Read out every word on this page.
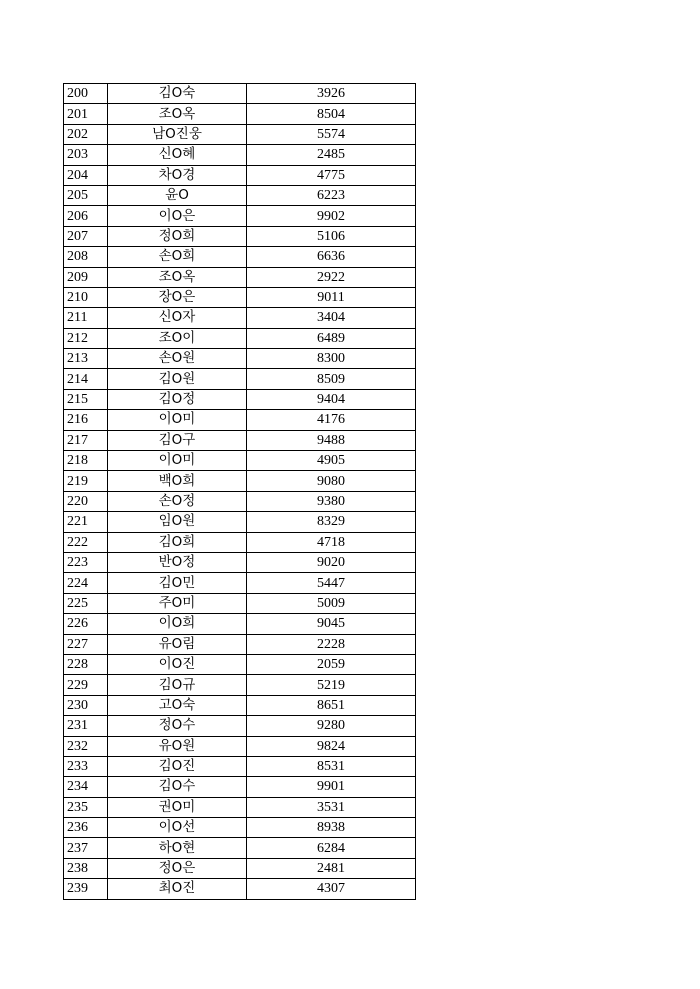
200	김O숙	3926
201	조O옥	8504
202	남O진웅	5574
203	신O혜	2485
204	차O경	4775
205	윤O	6223
206	이O은	9902
207	정O희	5106
208	손O희	6636
209	조O옥	2922
210	장O은	9011
211	신O자	3404
212	조O이	6489
213	손O원	8300
214	김O원	8509
215	김O정	9404
216	이O미	4176
217	김O구	9488
218	이O미	4905
219	백O희	9080
220	손O정	9380
221	임O원	8329
222	김O희	4718
223	반O정	9020
224	김O민	5447
225	주O미	5009
226	이O희	9045
227	유O림	2228
228	이O진	2059
229	김O규	5219
230	고O숙	8651
231	정O수	9280
232	유O원	9824
233	김O진	8531
234	김O수	9901
235	권O미	3531
236	이O선	8938
237	하O현	6284
238	정O은	2481
239	최O진	4307
